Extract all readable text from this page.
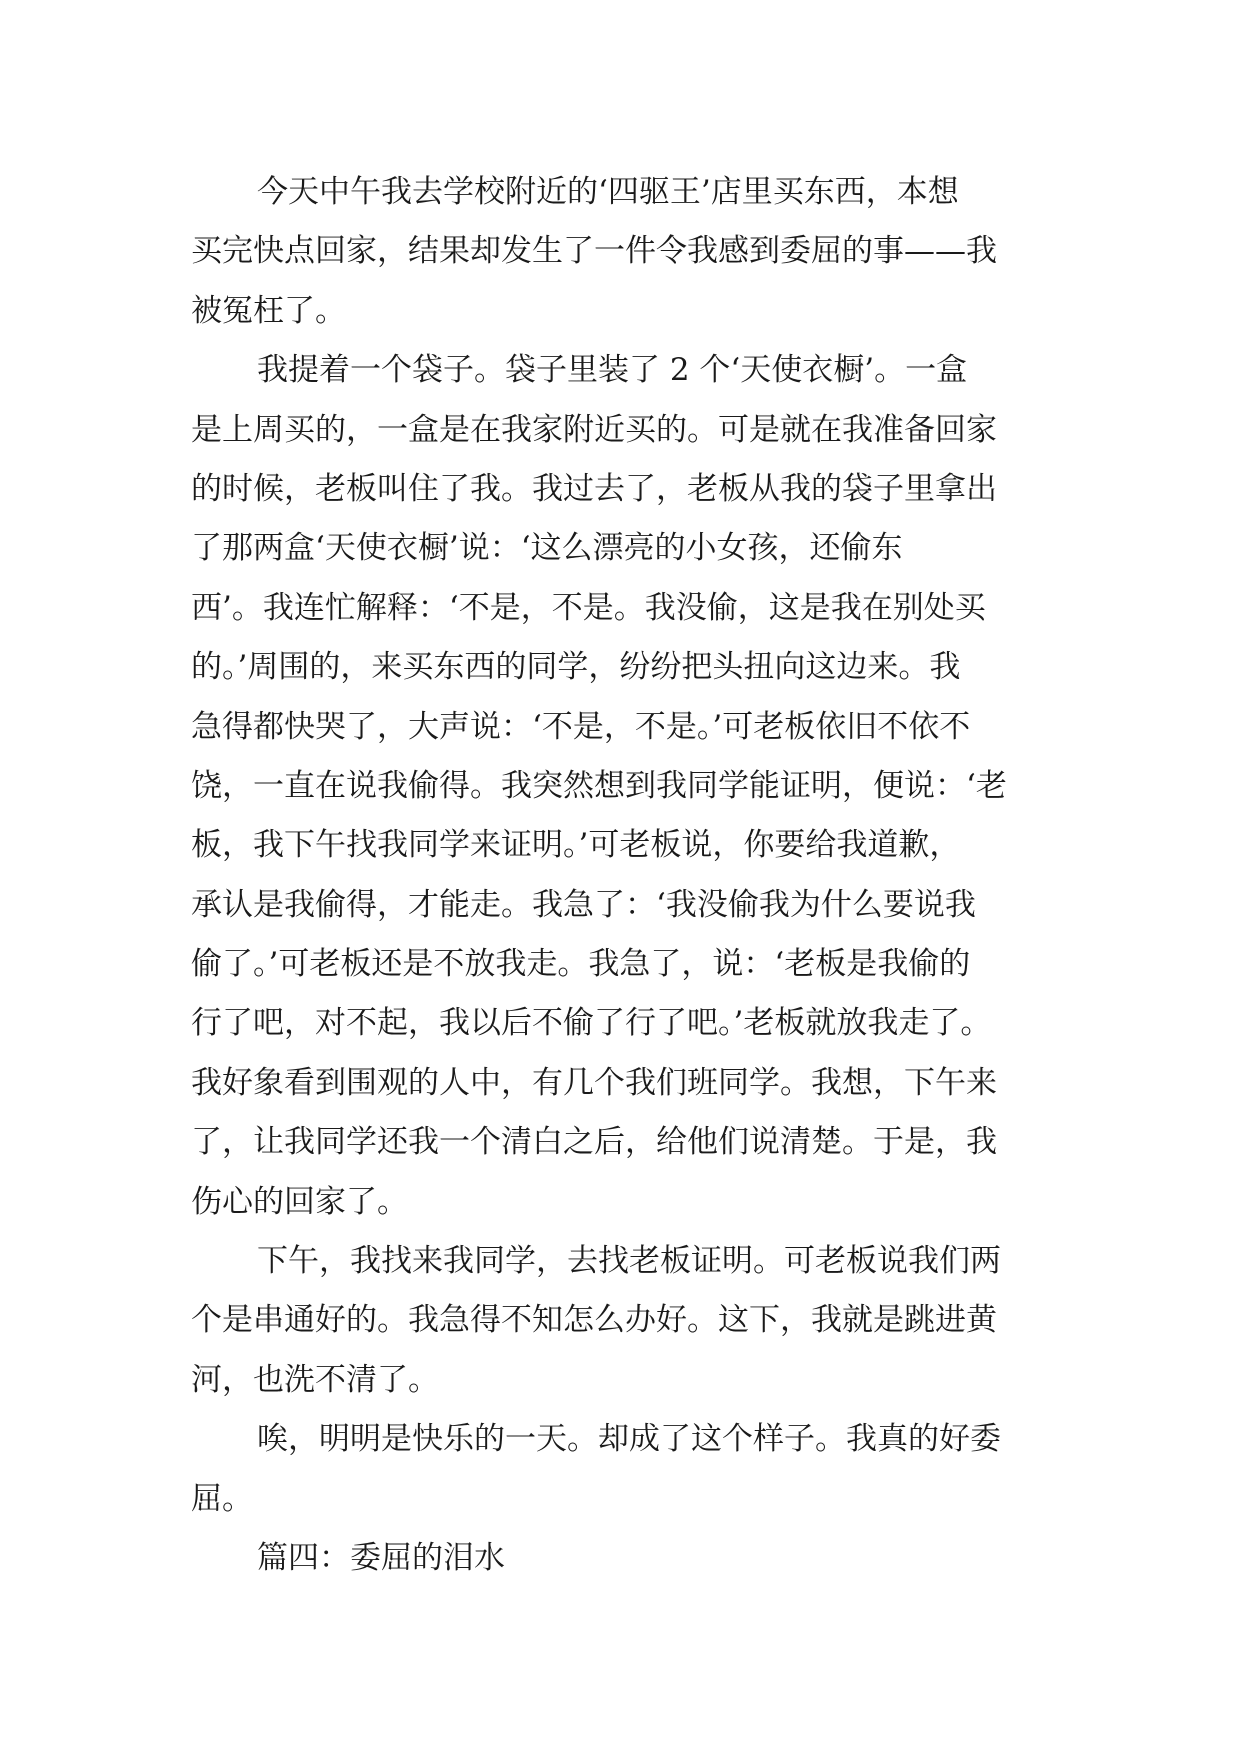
今天中午我去学校附近的‘四驱王’店里买东西，本想
买完快点回家，结果却发生了一件令我感到委屈的事——我
被冤枉了。
我提着一个袋子。袋子里装了 2 个‘天使衣橱’。一盒
是上周买的，一盒是在我家附近买的。可是就在我准备回家
的时候，老板叫住了我。我过去了，老板从我的袋子里拿出
了那两盒‘天使衣橱’说：‘这么漂亮的小女孩，还偷东
西’。我连忙解释：‘不是，不是。我没偷，这是我在别处买
的。’周围的，来买东西的同学，纷纷把头扭向这边来。我
急得都快哭了，大声说：‘不是，不是。’可老板依旧不依不
饶，一直在说我偷得。我突然想到我同学能证明，便说：‘老
板，我下午找我同学来证明。’可老板说，你要给我道歉，
承认是我偷得，才能走。我急了：‘我没偷我为什么要说我
偷了。’可老板还是不放我走。我急了，说：‘老板是我偷的
行了吧，对不起，我以后不偷了行了吧。’老板就放我走了。
我好象看到围观的人中，有几个我们班同学。我想，下午来
了，让我同学还我一个清白之后，给他们说清楚。于是，我
伤心的回家了。
下午，我找来我同学，去找老板证明。可老板说我们两
个是串通好的。我急得不知怎么办好。这下，我就是跳进黄
河，也洗不清了。
唉，明明是快乐的一天。却成了这个样子。我真的好委
屈。
篇四：委屈的泪水
